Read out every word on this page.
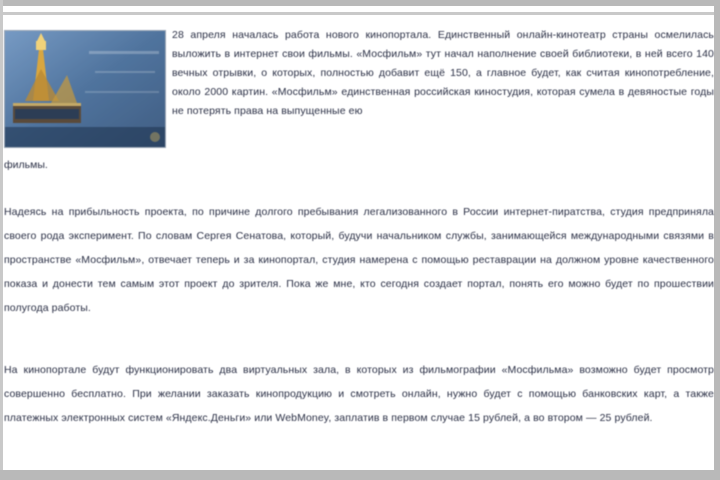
28 апреля началась работа нового кинопортала. Единственный онлайн-кинотеатр страны осмелилась выложить в интернет свои фильмы. «Мосфильм» тут начал наполнение своей библиотеки, в ней всего 140 вечных отрывки, о которых, полностью добавит ещё 150, а главное будет, как считая кинопотребление, около 2000 картин. «Мосфильм» единственная российская киностудия, которая сумела в девяностые годы не потерять права на выпущенные ею
фильмы.
Надеясь на прибыльность проекта, по причине долгого пребывания легализованного в России интернет-пиратства, студия предприняла своего рода эксперимент. По словам Сергея Сенатова, который, будучи начальником службы, занимающейся международными связями в пространстве «Мосфильм», отвечает теперь и за кинопортал, студия намерена с помощью реставрации на должном уровне качественного показа и донести тем самым этот проект до зрителя. Пока же мне, кто сегодня создает портал, понять его можно будет по прошествии полугода работы.
На кинопортале будут функционировать два виртуальных зала, в которых из фильмографии «Мосфильма» возможно будет просмотр совершенно бесплатно. При желании заказать кинопродукцию и смотреть онлайн, нужно будет с помощью банковских карт, а также платежных электронных систем «Яндекс.Деньги» или WebMoney, заплатив в первом случае 15 рублей, а во втором — 25 рублей.
